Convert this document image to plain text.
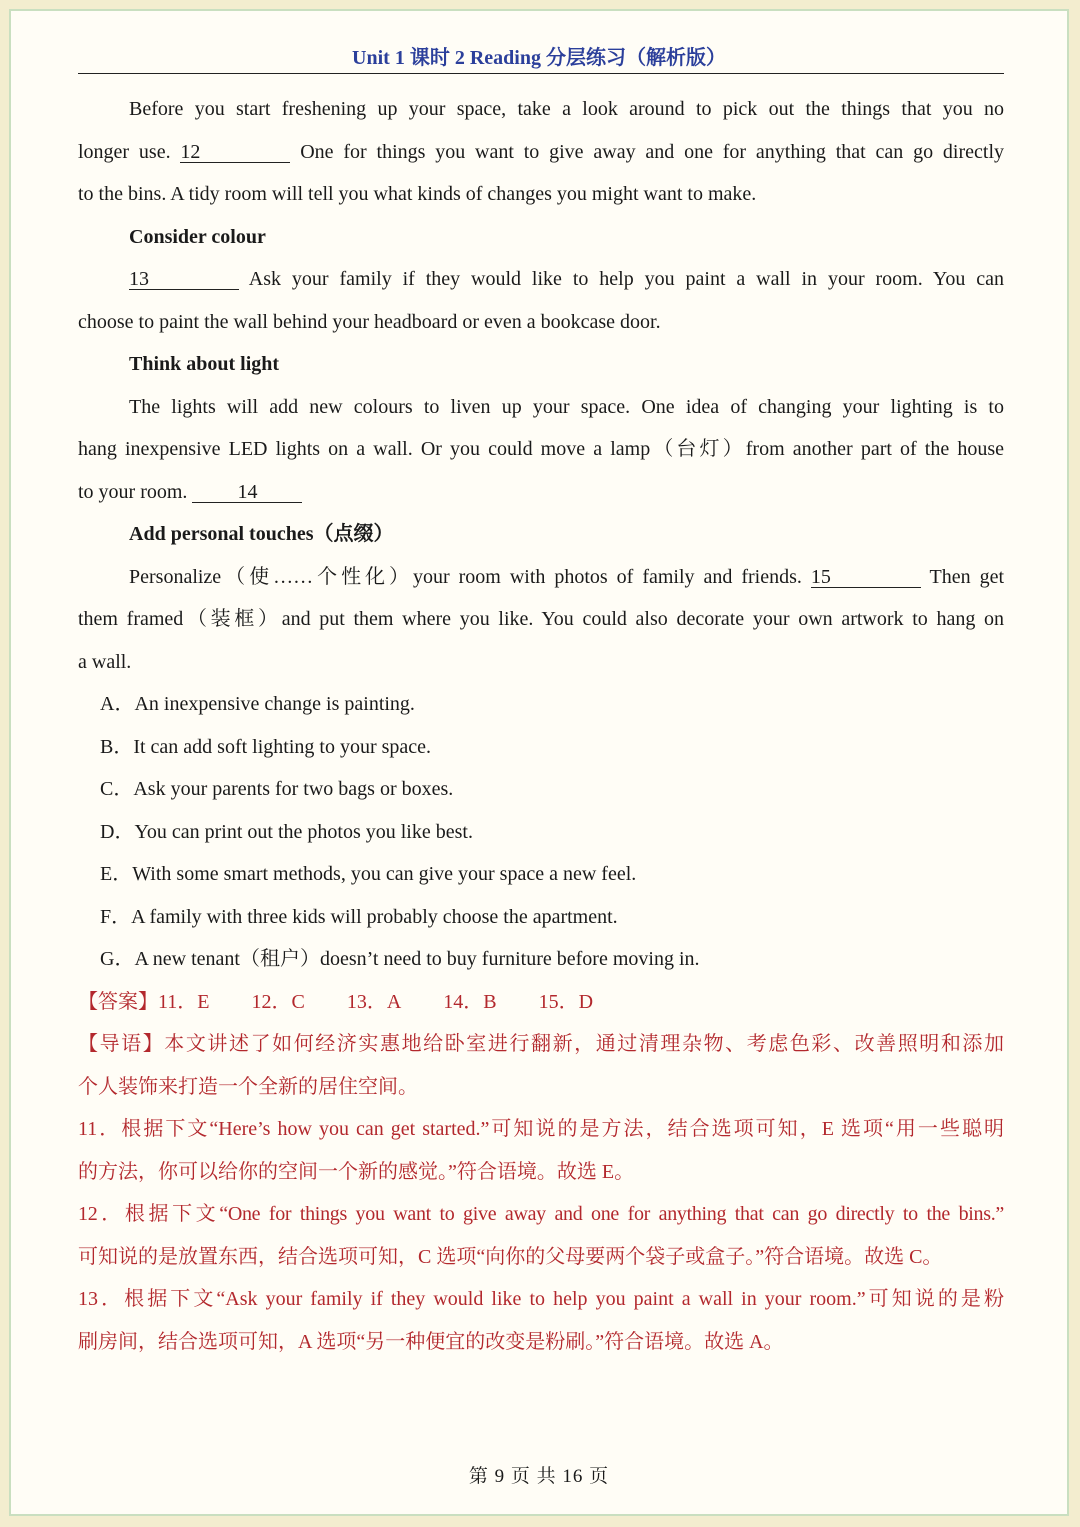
Unit 1 课时 2 Reading 分层练习（解析版）

Before you start freshening up your space, take a look around to pick out the things that you no

longer use. 12	One for things you want to give away and one for anything that can go directly

to the bins. A tidy room will tell you what kinds of changes you might want to make.

Consider colour

13	Ask your family if they would like to help you paint a wall in your room. You can

choose to paint the wall behind your headboard or even a bookcase door.

Think about light

The lights will add new colours to liven up your space. One idea of changing your lighting is to

hang inexpensive LED lights on a wall. Or you could move a lamp（台灯）from another part of the house

to your room.	14

Add personal touches（点缀）

Personalize（使……个性化）your room with photos of family and friends. 15	Then get

them framed（装框）and put them where you like. You could also decorate your own artwork to hang on

a wall.

A．An inexpensive change is painting.

B．It can add soft lighting to your space.

C．Ask your parents for two bags or boxes.

D．You can print out the photos you like best.

E．With some smart methods, you can give your space a new feel.

F．A family with three kids will probably choose the apartment.

G．A new tenant（租户）doesn’t need to buy furniture before moving in.

【答案】11．E 12．C 13．A 14．B 15．D

【导语】本文讲述了如何经济实惠地给卧室进行翻新，通过清理杂物、考虑色彩、改善照明和添加

个人装饰来打造一个全新的居住空间。

11．根据下文“Here’s how you can get started.”可知说的是方法，结合选项可知，E 选项“用一些聪明

的方法，你可以给你的空间一个新的感觉。”符合语境。故选 E。

12．根据下文“One for things you want to give away and one for anything that can go directly to the bins.”

可知说的是放置东西，结合选项可知，C 选项“向你的父母要两个袋子或盒子。”符合语境。故选 C。

13．根据下文“Ask your family if they would like to help you paint a wall in your room.”可知说的是粉

刷房间，结合选项可知，A 选项“另一种便宜的改变是粉刷。”符合语境。故选 A。

第 9 页 共 16 页
